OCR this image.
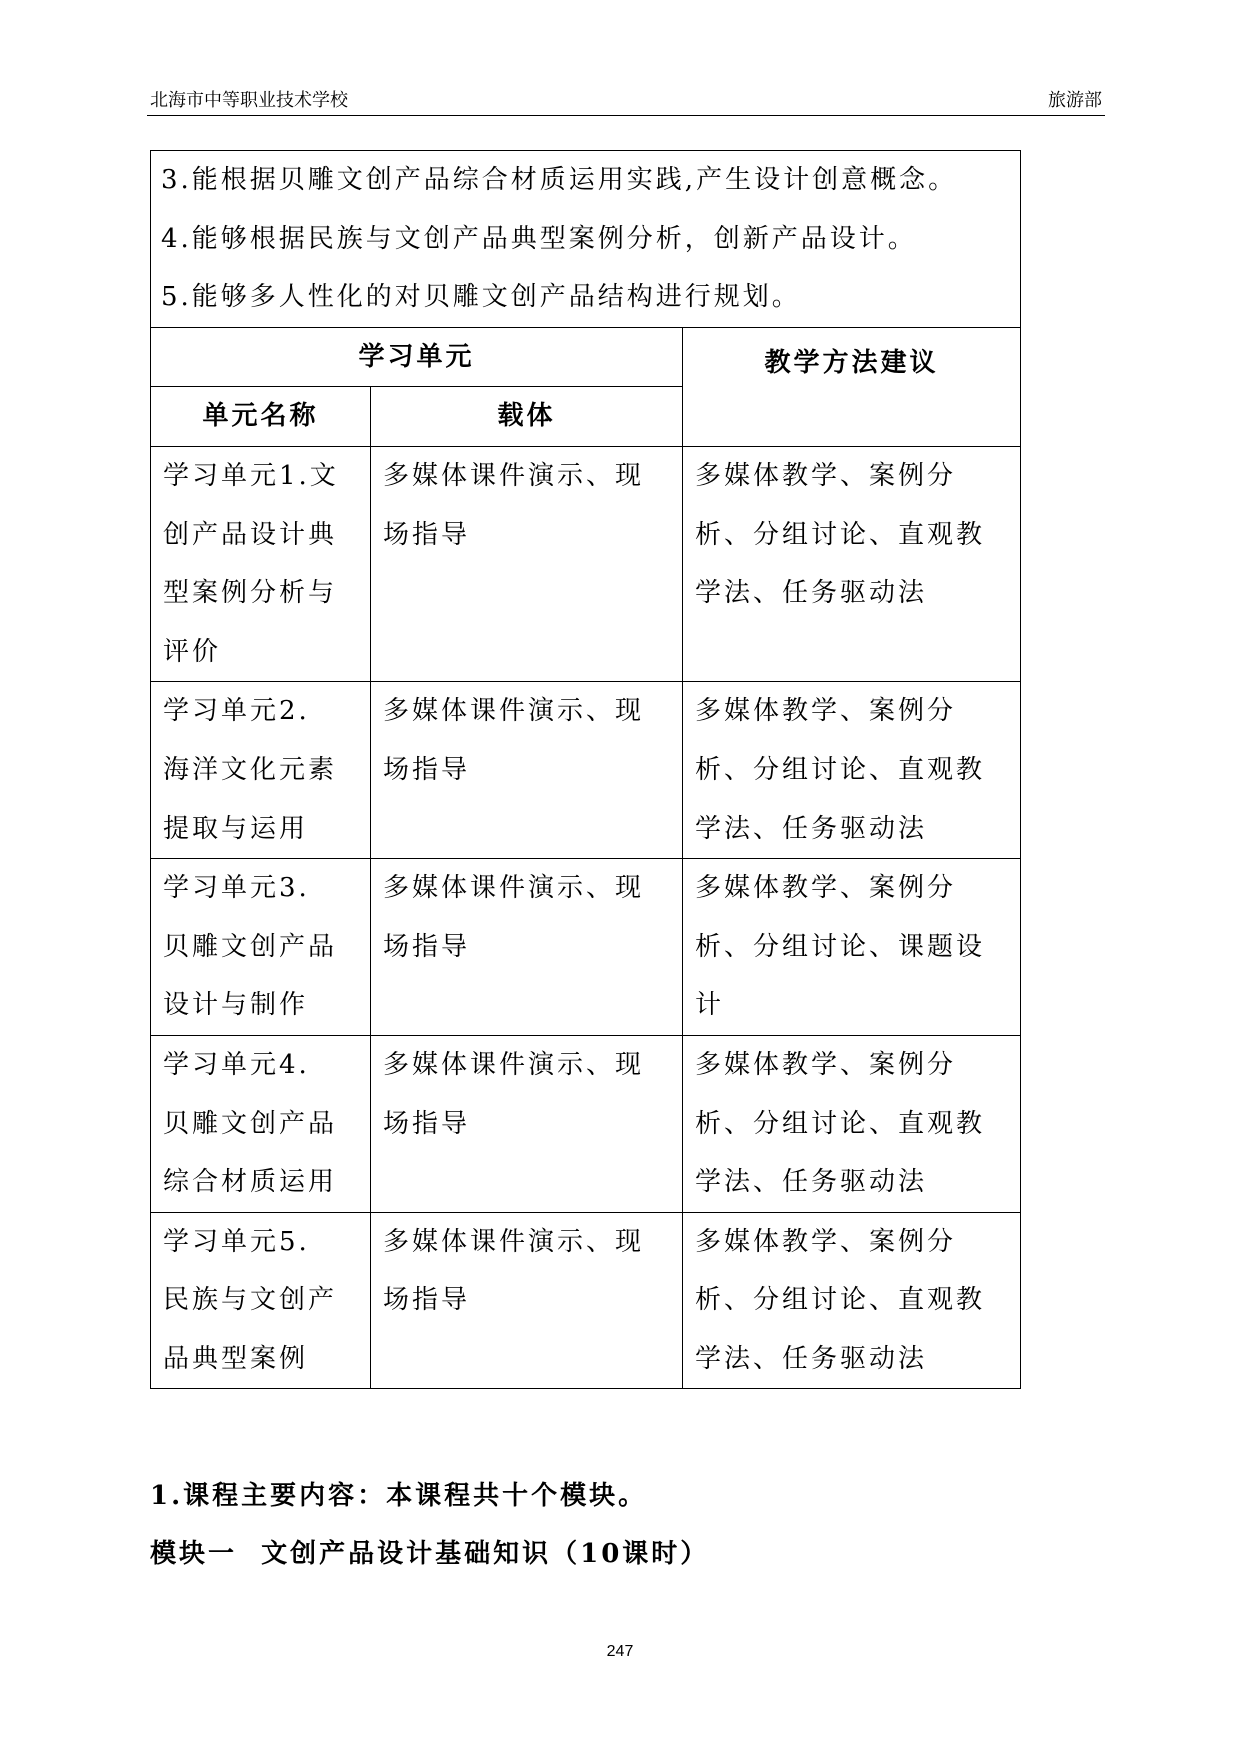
北海市中等职业技术学校	旅游部
3.能根据贝雕文创产品综合材质运用实践,产生设计创意概念。
4.能够根据民族与文创产品典型案例分析，创新产品设计。
5.能够多人性化的对贝雕文创产品结构进行规划。		

学习单元		教学方法建议
单元名称	载体	

学习单元1.文
创产品设计典
型案例分析与
评价	多媒体课件演示、现
场指导	多媒体教学、案例分
析、分组讨论、直观教
学法、任务驱动法

学习单元2.
海洋文化元素
提取与运用	多媒体课件演示、现
场指导	多媒体教学、案例分
析、分组讨论、直观教
学法、任务驱动法

学习单元3.
贝雕文创产品
设计与制作	多媒体课件演示、现
场指导	多媒体教学、案例分
析、分组讨论、课题设
计

学习单元4.
贝雕文创产品
综合材质运用	多媒体课件演示、现
场指导	多媒体教学、案例分
析、分组讨论、直观教
学法、任务驱动法

学习单元5.
民族与文创产
品典型案例	多媒体课件演示、现
场指导	多媒体教学、案例分
析、分组讨论、直观教
学法、任务驱动法
1.课程主要内容：本课程共十个模块。
模块一  文创产品设计基础知识（10课时）
247
